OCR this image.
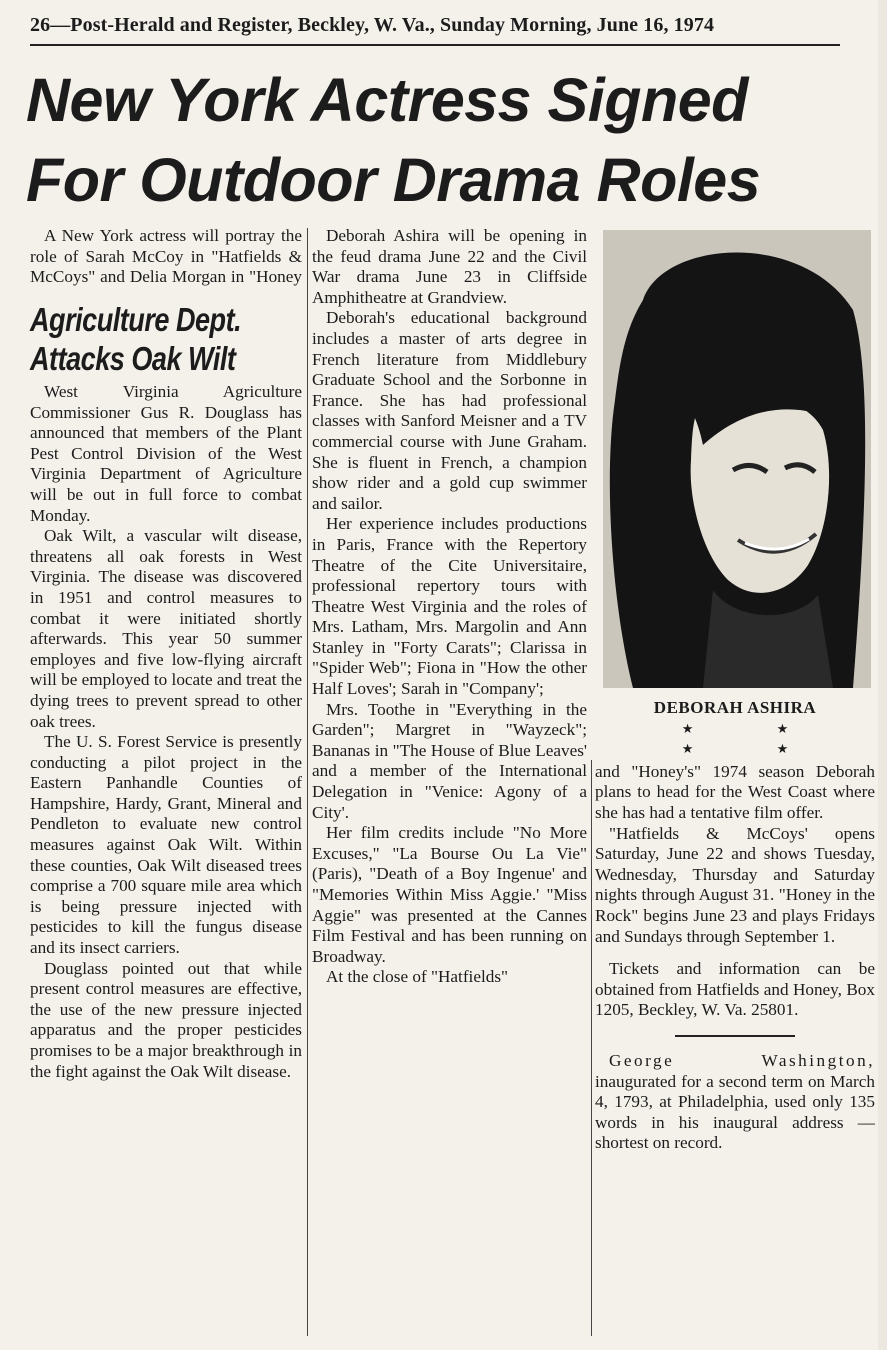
26—Post-Herald and Register, Beckley, W. Va., Sunday Morning, June 16, 1974
New York Actress Signed
For Outdoor Drama Roles

A New York actress will portray the role of Sarah McCoy in "Hatfields & McCoys" and Delia Morgan in "Honey

Agriculture Dept.
Attacks Oak Wilt

West Virginia Agriculture Commissioner Gus R. Douglass has announced that members of the Plant Pest Control Division of the West Virginia Department of Agriculture will be out in full force to combat Monday.

Oak Wilt, a vascular wilt disease, threatens all oak forests in West Virginia. The disease was discovered in 1951 and control measures to combat it were initiated shortly afterwards. This year 50 summer employes and five low-flying aircraft will be employed to locate and treat the dying trees to prevent spread to other oak trees.

The U. S. Forest Service is presently conducting a pilot project in the Eastern Panhandle Counties of Hampshire, Hardy, Grant, Mineral and Pendleton to evaluate new control measures against Oak Wilt. Within these counties, Oak Wilt diseased trees comprise a 700 square mile area which is being pressure injected with pesticides to kill the fungus disease and its insect carriers.

Douglass pointed out that while present control measures are effective, the use of the new pressure injected apparatus and the proper pesticides promises to be a major breakthrough in the fight against the Oak Wilt disease.

Deborah Ashira will be opening in the feud drama June 22 and the Civil War drama June 23 in Cliffside Amphitheatre at Grandview.

Deborah's educational background includes a master of arts degree in French literature from Middlebury Graduate School and the Sorbonne in France. She has had professional classes with Sanford Meisner and a TV commercial course with June Graham. She is fluent in French, a champion show rider and a gold cup swimmer and sailor.

Her experience includes productions in Paris, France with the Repertory Theatre of the Cite Universitaire, professional repertory tours with Theatre West Virginia and the roles of Mrs. Latham, Mrs. Margolin and Ann Stanley in "Forty Carats"; Clarissa in "Spider Web"; Fiona in "How the other Half Loves'; Sarah in "Company';

Mrs. Toothe in "Everything in the Garden"; Margret in "Wayzeck"; Bananas in "The House of Blue Leaves' and a member of the International Delegation in "Venice: Agony of a City'.

Her film credits include "No More Excuses," "La Bourse Ou La Vie" (Paris), "Death of a Boy Ingenue' and "Memories Within Miss Aggie.' "Miss Aggie" was presented at the Cannes Film Festival and has been running on Broadway.

At the close of "Hatfields"

DEBORAH ASHIRA
★ ★ ★ ★

and "Honey's" 1974 season Deborah plans to head for the West Coast where she has had a tentative film offer.

"Hatfields & McCoys' opens Saturday, June 22 and shows Tuesday, Wednesday, Thursday and Saturday nights through August 31. "Honey in the Rock" begins June 23 and plays Fridays and Sundays through September 1.

Tickets and information can be obtained from Hatfields and Honey, Box 1205, Beckley, W. Va. 25801.

George Washington, inaugurated for a second term on March 4, 1793, at Philadelphia, used only 135 words in his inaugural address — shortest on record.
